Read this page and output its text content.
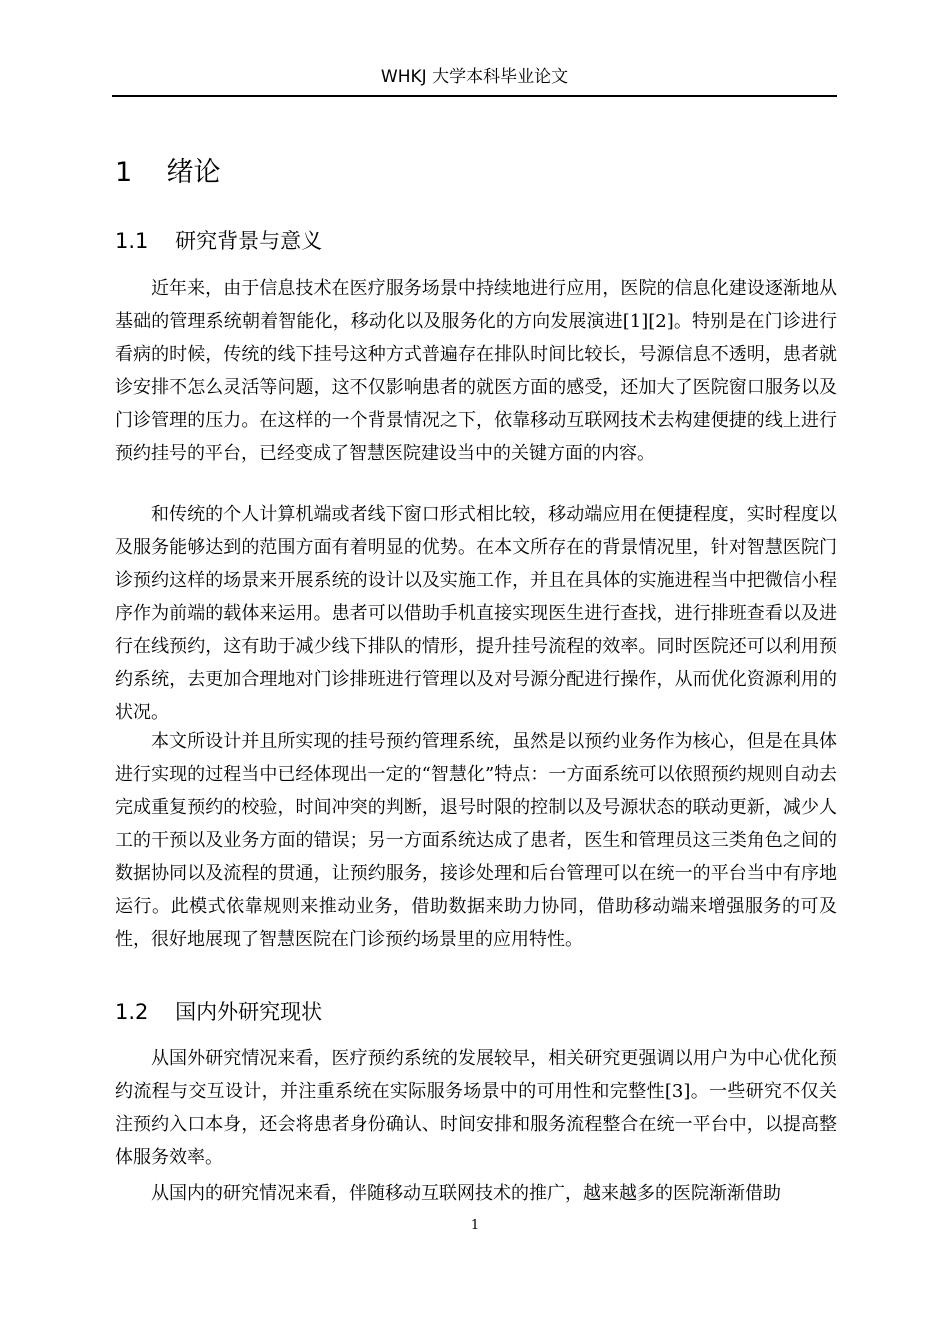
WHKJ 大学本科毕业论文
1    绪论
1.1    研究背景与意义

近年来，由于信息技术在医疗服务场景中持续地进行应用，医院的信息化建设逐渐地从基础的管理系统朝着智能化，移动化以及服务化的方向发展演进[1][2]。特别是在门诊进行看病的时候，传统的线下挂号这种方式普遍存在排队时间比较长，号源信息不透明，患者就诊安排不怎么灵活等问题，这不仅影响患者的就医方面的感受，还加大了医院窗口服务以及门诊管理的压力。在这样的一个背景情况之下，依靠移动互联网技术去构建便捷的线上进行预约挂号的平台，已经变成了智慧医院建设当中的关键方面的内容。

和传统的个人计算机端或者线下窗口形式相比较，移动端应用在便捷程度，实时程度以及服务能够达到的范围方面有着明显的优势。在本文所存在的背景情况里，针对智慧医院门诊预约这样的场景来开展系统的设计以及实施工作，并且在具体的实施进程当中把微信小程序作为前端的载体来运用。患者可以借助手机直接实现医生进行查找，进行排班查看以及进行在线预约，这有助于减少线下排队的情形，提升挂号流程的效率。同时医院还可以利用预约系统，去更加合理地对门诊排班进行管理以及对号源分配进行操作，从而优化资源利用的状况。

本文所设计并且所实现的挂号预约管理系统，虽然是以预约业务作为核心，但是在具体进行实现的过程当中已经体现出一定的“智慧化”特点：一方面系统可以依照预约规则自动去完成重复预约的校验，时间冲突的判断，退号时限的控制以及号源状态的联动更新，减少人工的干预以及业务方面的错误；另一方面系统达成了患者，医生和管理员这三类角色之间的数据协同以及流程的贯通，让预约服务，接诊处理和后台管理可以在统一的平台当中有序地运行。此模式依靠规则来推动业务，借助数据来助力协同，借助移动端来增强服务的可及性，很好地展现了智慧医院在门诊预约场景里的应用特性。

1.2    国内外研究现状

从国外研究情况来看，医疗预约系统的发展较早，相关研究更强调以用户为中心优化预约流程与交互设计，并注重系统在实际服务场景中的可用性和完整性[3]。一些研究不仅关注预约入口本身，还会将患者身份确认、时间安排和服务流程整合在统一平台中，以提高整体服务效率。

从国内的研究情况来看，伴随移动互联网技术的推广，越来越多的医院渐渐借助

1
